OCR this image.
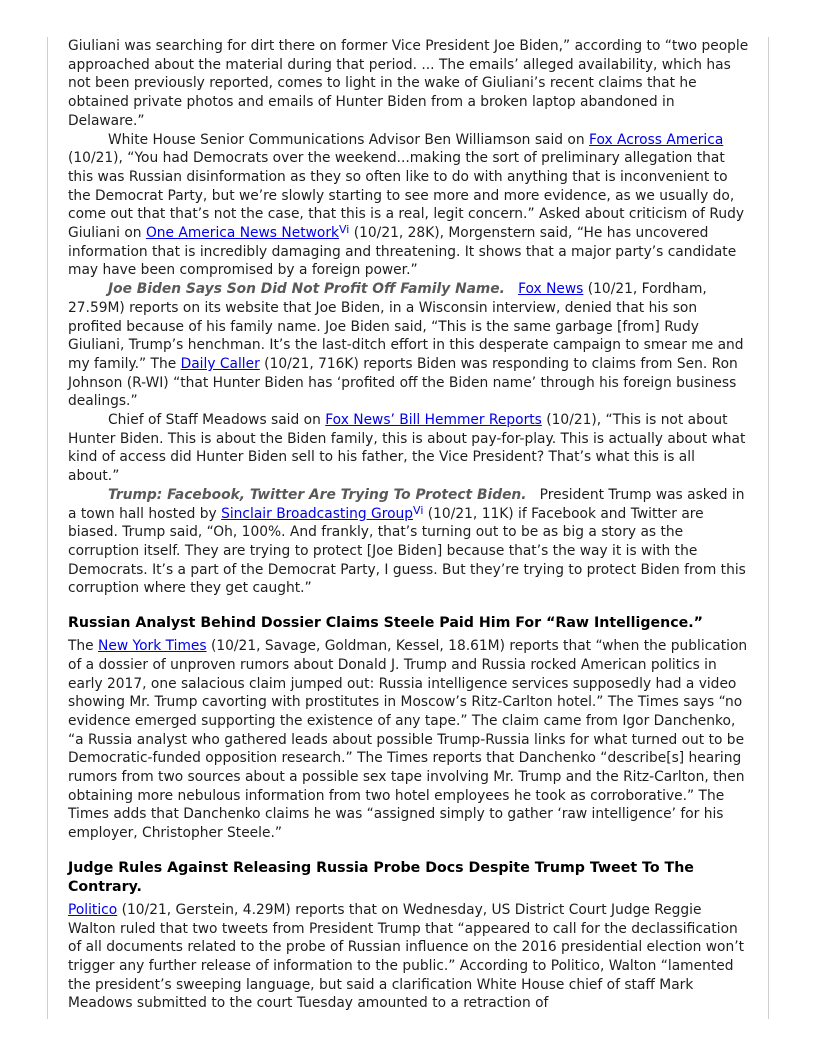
Giuliani was searching for dirt there on former Vice President Joe Biden,” according to “two people approached about the material during that period. ... The emails’ alleged availability, which has not been previously reported, comes to light in the wake of Giuliani’s recent claims that he obtained private photos and emails of Hunter Biden from a broken laptop abandoned in Delaware.”

White House Senior Communications Advisor Ben Williamson said on Fox Across America (10/21), “You had Democrats over the weekend...making the sort of preliminary allegation that this was Russian disinformation as they so often like to do with anything that is inconvenient to the Democrat Party, but we’re slowly starting to see more and more evidence, as we usually do, come out that that’s not the case, that this is a real, legit concern.” Asked about criticism of Rudy Giuliani on One America News Network$^{Vi}$ (10/21, 28K), Morgenstern said, “He has uncovered information that is incredibly damaging and threatening. It shows that a major party’s candidate may have been compromised by a foreign power.”

Joe Biden Says Son Did Not Profit Off Family Name. Fox News (10/21, Fordham, 27.59M) reports on its website that Joe Biden, in a Wisconsin interview, denied that his son profited because of his family name. Joe Biden said, “This is the same garbage [from] Rudy Giuliani, Trump’s henchman. It’s the last-ditch effort in this desperate campaign to smear me and my family.” The Daily Caller (10/21, 716K) reports Biden was responding to claims from Sen. Ron Johnson (R-WI) “that Hunter Biden has ‘profited off the Biden name’ through his foreign business dealings.”

Chief of Staff Meadows said on Fox News’ Bill Hemmer Reports (10/21), “This is not about Hunter Biden. This is about the Biden family, this is about pay-for-play. This is actually about what kind of access did Hunter Biden sell to his father, the Vice President? That’s what this is all about.”

Trump: Facebook, Twitter Are Trying To Protect Biden. President Trump was asked in a town hall hosted by Sinclair Broadcasting Group$^{Vi}$ (10/21, 11K) if Facebook and Twitter are biased. Trump said, “Oh, 100%. And frankly, that’s turning out to be as big a story as the corruption itself. They are trying to protect [Joe Biden] because that’s the way it is with the Democrats. It’s a part of the Democrat Party, I guess. But they’re trying to protect Biden from this corruption where they get caught.”

Russian Analyst Behind Dossier Claims Steele Paid Him For “Raw Intelligence.”

The New York Times (10/21, Savage, Goldman, Kessel, 18.61M) reports that “when the publication of a dossier of unproven rumors about Donald J. Trump and Russia rocked American politics in early 2017, one salacious claim jumped out: Russia intelligence services supposedly had a video showing Mr. Trump cavorting with prostitutes in Moscow’s Ritz-Carlton hotel.” The Times says “no evidence emerged supporting the existence of any tape.” The claim came from Igor Danchenko, “a Russia analyst who gathered leads about possible Trump-Russia links for what turned out to be Democratic-funded opposition research.” The Times reports that Danchenko “describe[s] hearing rumors from two sources about a possible sex tape involving Mr. Trump and the Ritz-Carlton, then obtaining more nebulous information from two hotel employees he took as corroborative.” The Times adds that Danchenko claims he was “assigned simply to gather ‘raw intelligence’ for his employer, Christopher Steele.”

Judge Rules Against Releasing Russia Probe Docs Despite Trump Tweet To The Contrary.

Politico (10/21, Gerstein, 4.29M) reports that on Wednesday, US District Court Judge Reggie Walton ruled that two tweets from President Trump that “appeared to call for the declassification of all documents related to the probe of Russian influence on the 2016 presidential election won’t trigger any further release of information to the public.” According to Politico, Walton “lamented the president’s sweeping language, but said a clarification White House chief of staff Mark Meadows submitted to the court Tuesday amounted to a retraction of
